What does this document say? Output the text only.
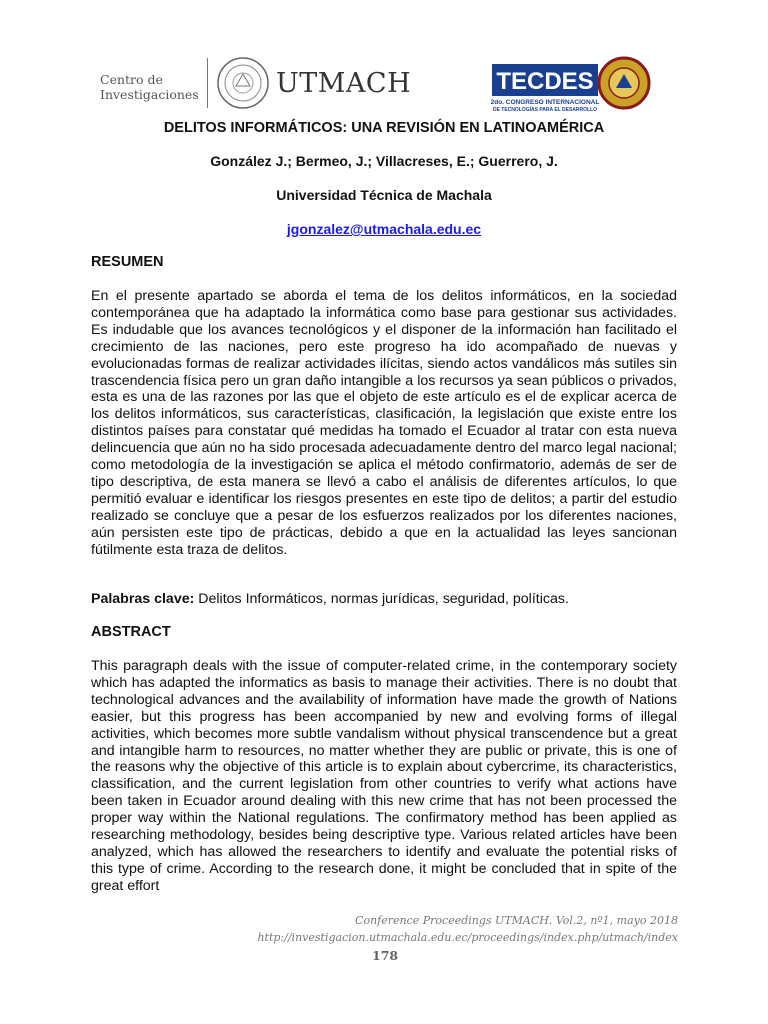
Centro de
Investigaciones	UTMACH	TECDES
2do. CONGRESO INTERNACIONAL
DE TECNOLOGÍAS PARA EL DESARROLLO
DELITOS INFORMÁTICOS: UNA REVISIÓN EN LATINOAMÉRICA
González J.; Bermeo, J.; Villacreses, E.; Guerrero, J.
Universidad Técnica de Machala
jgonzalez@utmachala.edu.ec
RESUMEN
En el presente apartado se aborda el tema de los delitos informáticos, en la sociedad contemporánea que ha adaptado la informática como base para gestionar sus actividades. Es indudable que los avances tecnológicos y el disponer de la información han facilitado el crecimiento de las naciones, pero este progreso ha ido acompañado de nuevas y evolucionadas formas de realizar actividades ilícitas, siendo actos vandálicos más sutiles sin trascendencia física pero un gran daño intangible a los recursos ya sean públicos o privados, esta es una de las razones por las que el objeto de este artículo es el de explicar acerca de los delitos informáticos, sus características, clasificación, la legislación que existe entre los distintos países para constatar qué medidas ha tomado el Ecuador al tratar con esta nueva delincuencia que aún no ha sido procesada adecuadamente dentro del marco legal nacional; como metodología de la investigación se aplica el método confirmatorio, además de ser de tipo descriptiva, de esta manera se llevó a cabo el análisis de diferentes artículos, lo que permitió evaluar e identificar los riesgos presentes en este tipo de delitos; a partir del estudio realizado se concluye que a pesar de los esfuerzos realizados por los diferentes naciones, aún persisten este tipo de prácticas, debido a que en la actualidad las leyes sancionan fútilmente esta traza de delitos.
Palabras clave: Delitos Informáticos, normas jurídicas, seguridad, políticas.
ABSTRACT
This paragraph deals with the issue of computer-related crime, in the contemporary society which has adapted the informatics as basis to manage their activities. There is no doubt that technological advances and the availability of information have made the growth of Nations easier, but this progress has been accompanied by new and evolving forms of illegal activities, which becomes more subtle vandalism without physical transcendence but a great and intangible harm to resources, no matter whether they are public or private, this is one of the reasons why the objective of this article is to explain about cybercrime, its characteristics, classification, and the current legislation from other countries to verify what actions have been taken in Ecuador around dealing with this new crime that has not been processed the proper way within the National regulations. The confirmatory method has been applied as researching methodology, besides being descriptive type. Various related articles have been analyzed, which has allowed the researchers to identify and evaluate the potential risks of this type of crime. According to the research done, it might be concluded that in spite of the great effort
Conference Proceedings UTMACH. Vol.2, nº1, mayo 2018
http://investigacion.utmachala.edu.ec/proceedings/index.php/utmach/index
178
